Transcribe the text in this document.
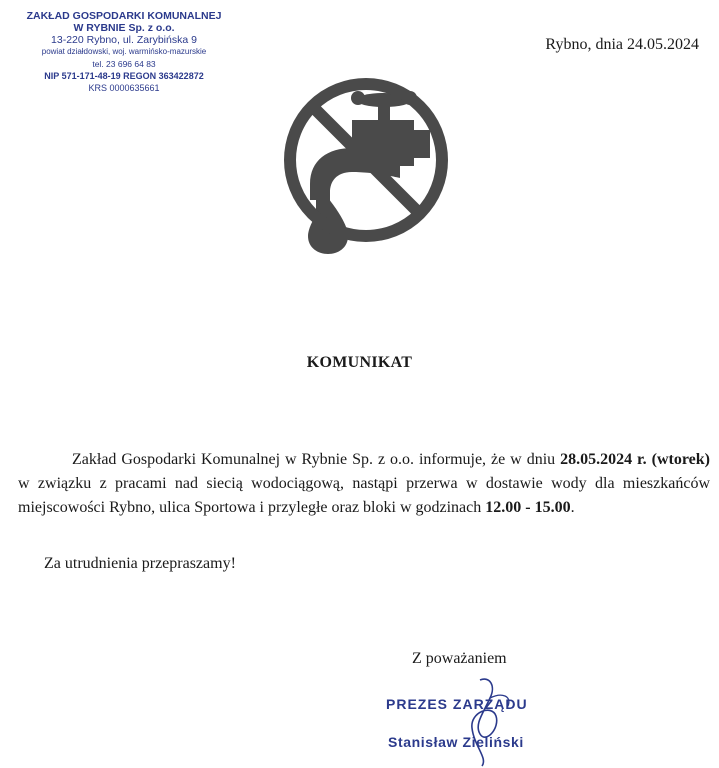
ZAKŁAD GOSPODARKI KOMUNALNEJ
W RYBNIE Sp. z o.o.
13-220 Rybno, ul. Zarybińska 9
powiat działdowski, woj. warmińsko-mazurskie
tel. 23 696 64 83
NIP 571-171-48-19 REGON 363422872
KRS 0000635661
Rybno, dnia 24.05.2024
KOMUNIKAT

Zakład Gospodarki Komunalnej w Rybnie Sp. z o.o. informuje, że w dniu 28.05.2024 r. (wtorek) w związku z pracami nad siecią wodociągową, nastąpi przerwa w dostawie wody dla mieszkańców miejscowości Rybno, ulica Sportowa i przyległe oraz bloki w godzinach 12.00 - 15.00.

Za utrudnienia przepraszamy!
Z poważaniem
PREZES ZARZĄDU
Stanisław Zieliński
